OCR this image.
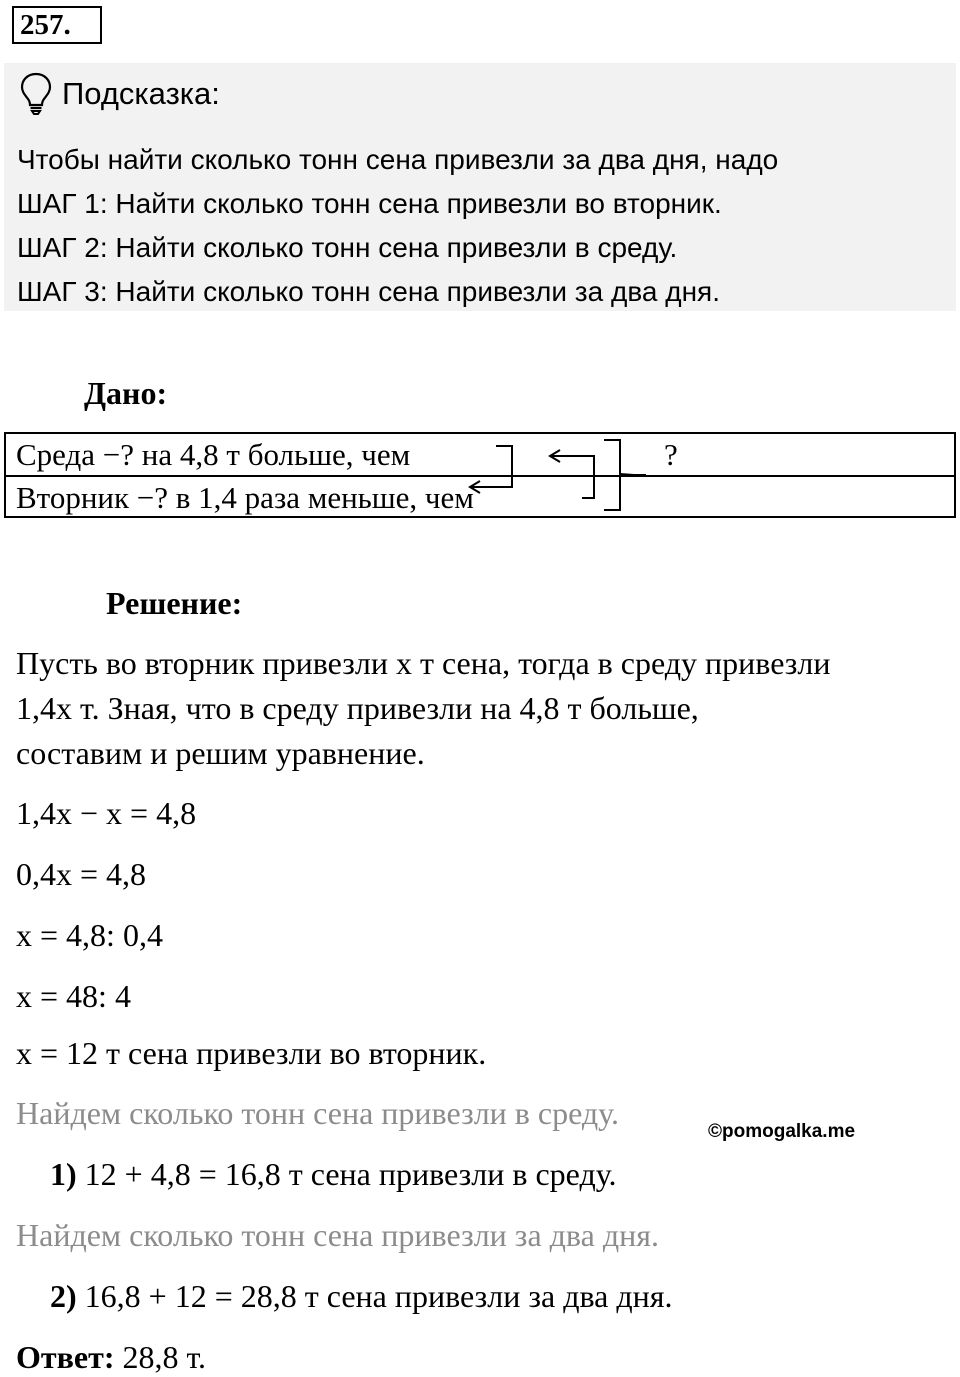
257.
Подсказка:
Чтобы найти сколько тонн сена привезли за два дня, надо
ШАГ 1: Найти сколько тонн сена привезли во вторник.
ШАГ 2: Найти сколько тонн сена привезли в среду.
ШАГ 3: Найти сколько тонн сена привезли за два дня.
Дано:
Среда −? на 4,8 т больше, чем
Вторник −? в 1,4 раза меньше, чем
?
Решение:
Пусть во вторник привезли x т сена, тогда в среду привезли
1,4x т. Зная, что в среду привезли на 4,8 т больше,
составим и решим уравнение.
1,4x − x = 4,8
0,4x = 4,8
x = 4,8: 0,4
x = 48: 4
x = 12 т сена привезли во вторник.
Найдем сколько тонн сена привезли в среду.
©pomogalka.me
1) 12 + 4,8 = 16,8 т сена привезли в среду.
Найдем сколько тонн сена привезли за два дня.
2) 16,8 + 12 = 28,8 т сена привезли за два дня.
Ответ: 28,8 т.
